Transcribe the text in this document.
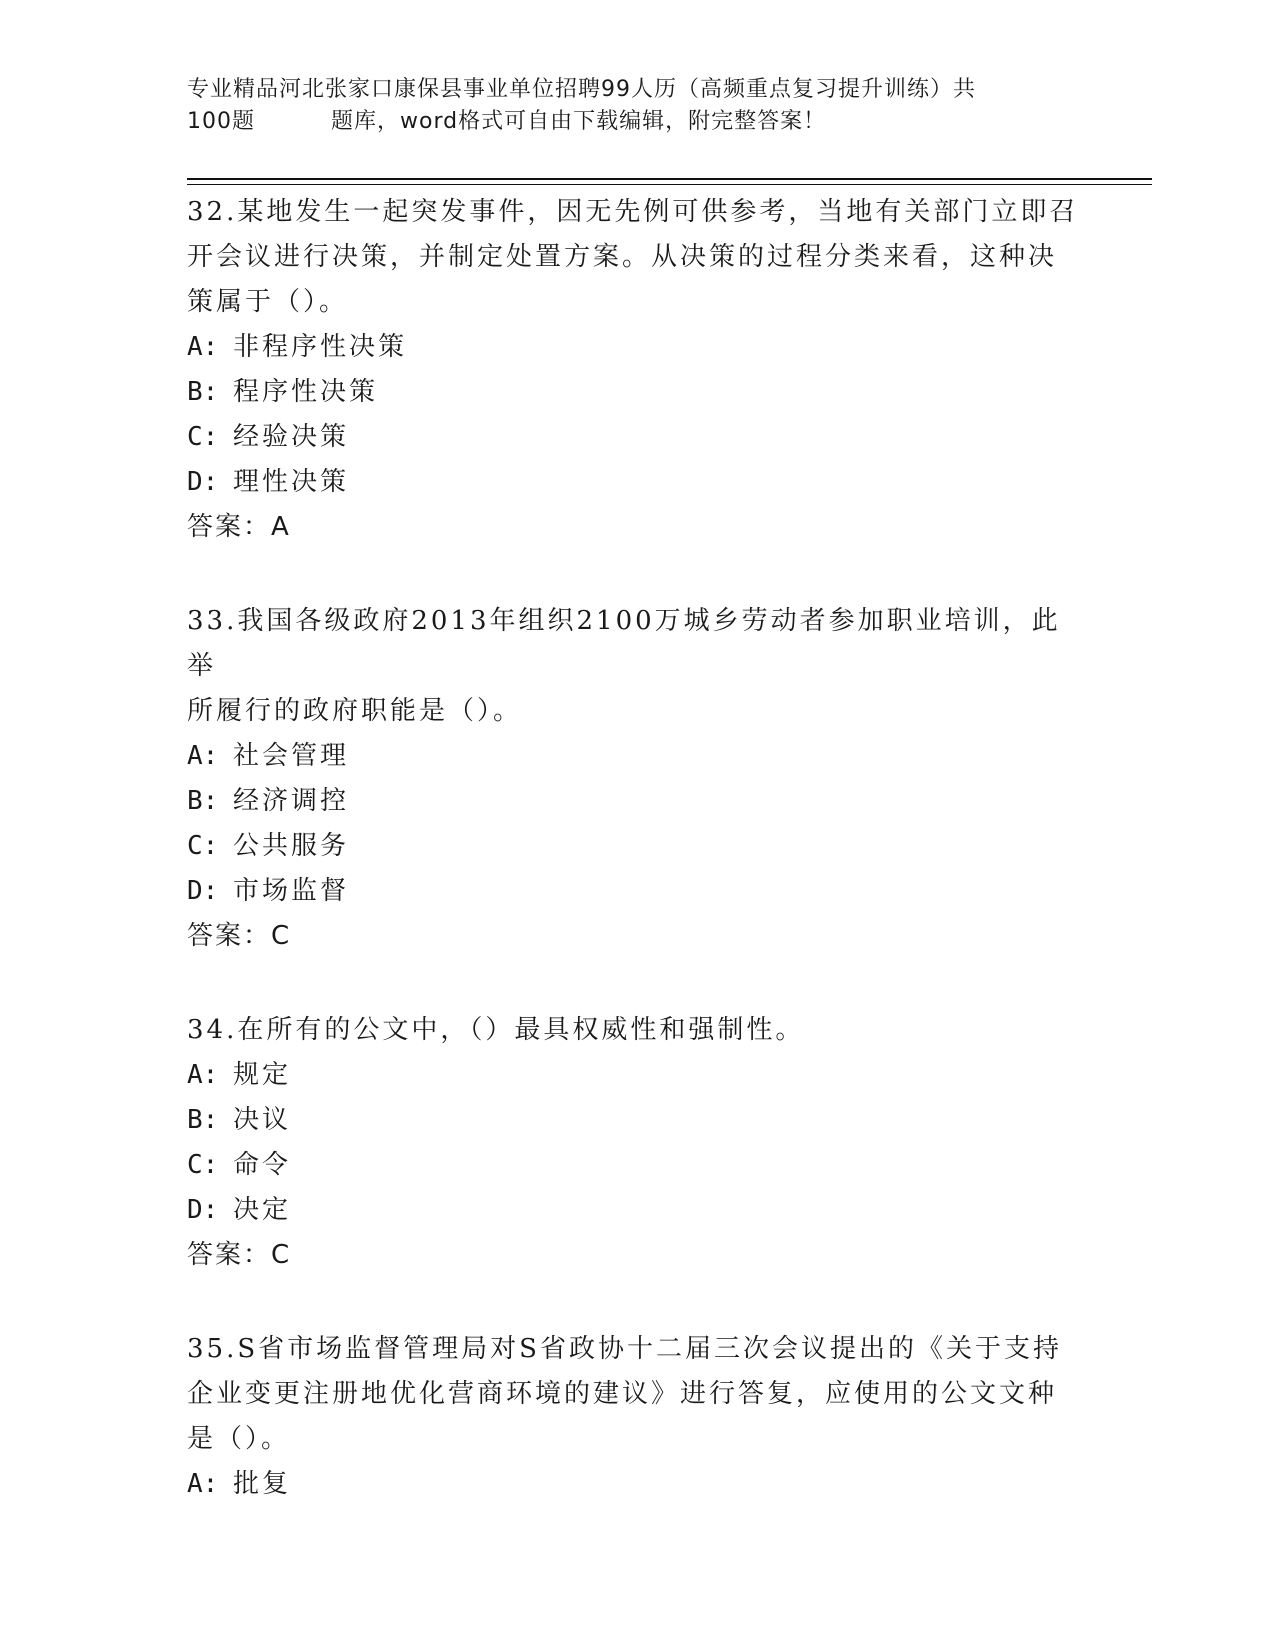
专业精品河北张家口康保县事业单位招聘99人历（高频重点复习提升训练）共
100题	题库，word格式可自由下载编辑，附完整答案！

32.某地发生一起突发事件，因无先例可供参考，当地有关部门立即召

开会议进行决策，并制定处置方案。从决策的过程分类来看，这种决

策属于（）。

A: 非程序性决策

B: 程序性决策

C: 经验决策

D: 理性决策

答案：A

33.我国各级政府2013年组织2100万城乡劳动者参加职业培训，此举

所履行的政府职能是（）。

A: 社会管理

B: 经济调控

C: 公共服务

D: 市场监督

答案：C

34.在所有的公文中，（）最具权威性和强制性。

A: 规定

B: 决议

C: 命令

D: 决定

答案：C

35.S省市场监督管理局对S省政协十二届三次会议提出的《关于支持

企业变更注册地优化营商环境的建议》进行答复，应使用的公文文种

是（）。

A: 批复
